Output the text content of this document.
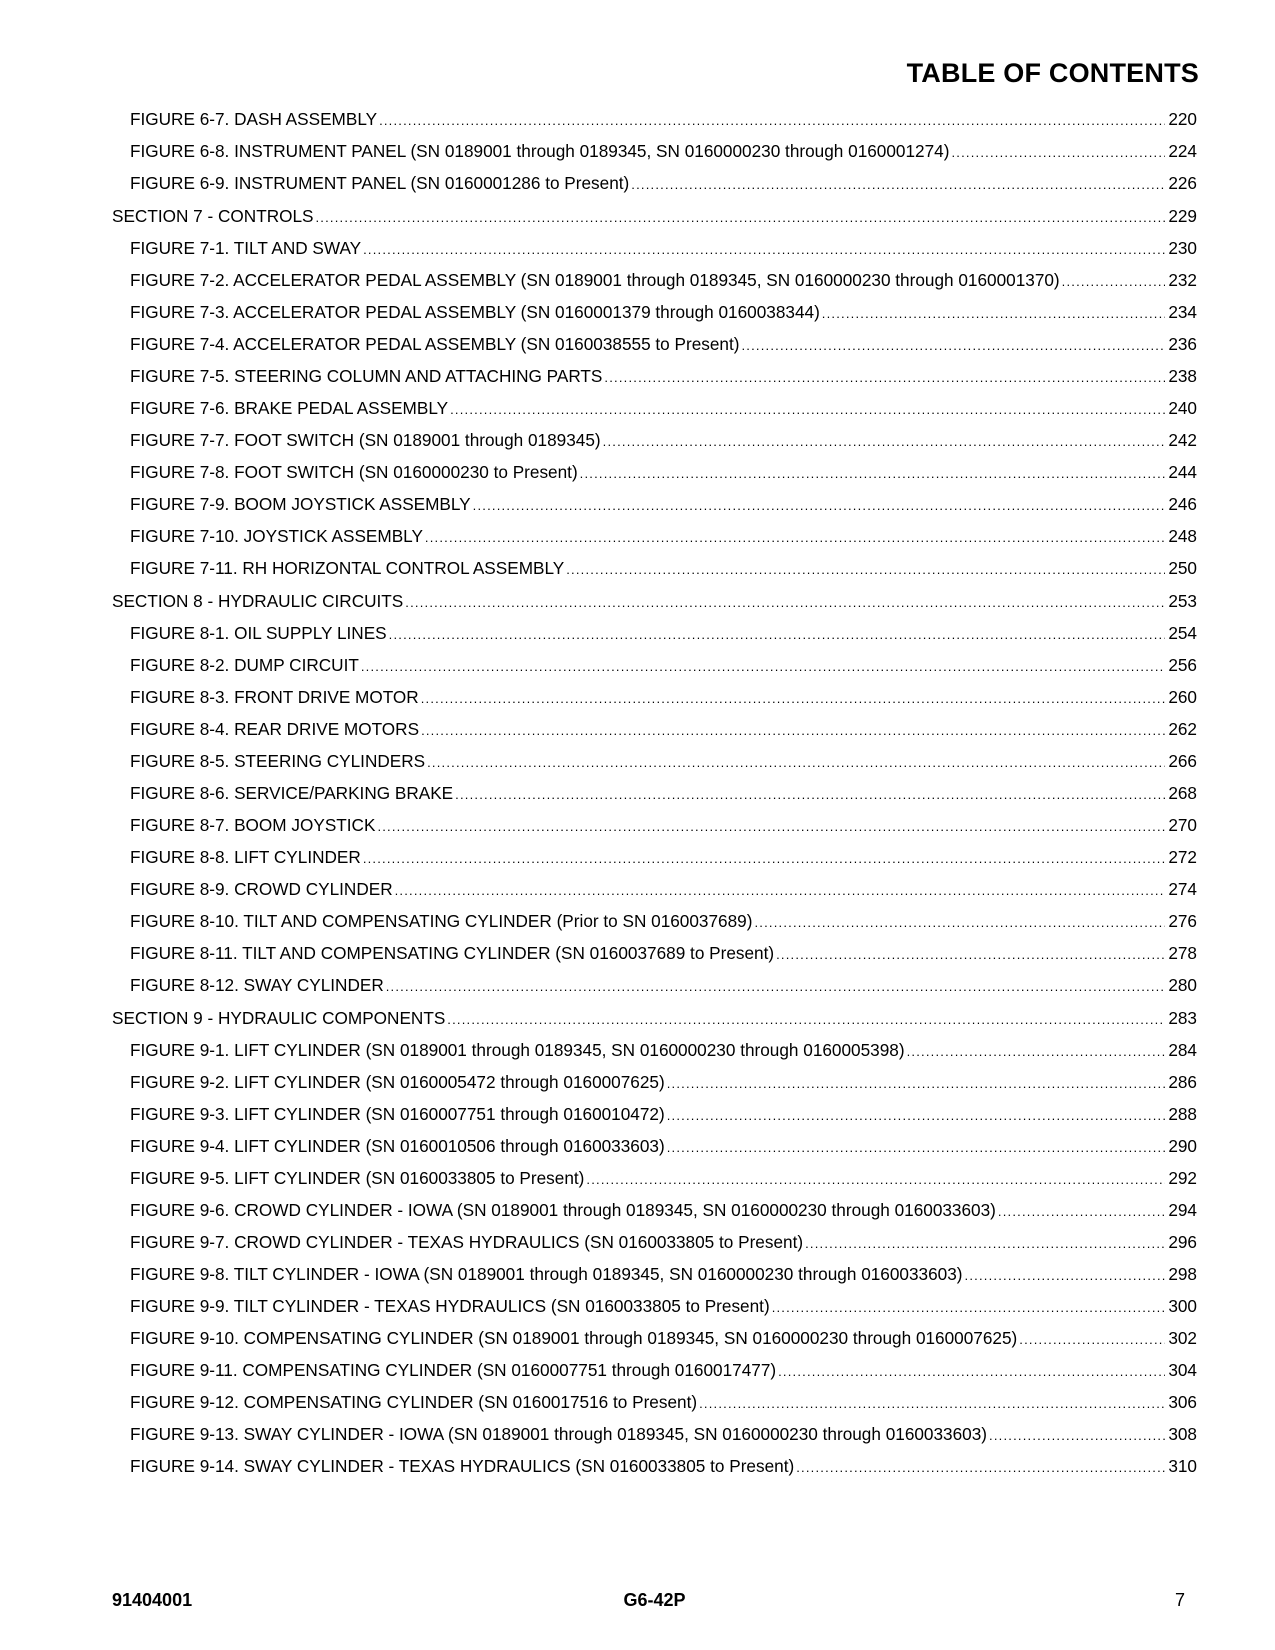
TABLE OF CONTENTS
FIGURE 6-7. DASH ASSEMBLY .....	220
FIGURE 6-8. INSTRUMENT PANEL (SN 0189001 through 0189345, SN 0160000230 through 0160001274) .....	224
FIGURE 6-9. INSTRUMENT PANEL (SN 0160001286 to Present) .....	226
SECTION 7 - CONTROLS .....	229
FIGURE 7-1. TILT AND SWAY .....	230
FIGURE 7-2. ACCELERATOR PEDAL ASSEMBLY (SN 0189001 through 0189345, SN 0160000230 through 0160001370) .....	232
FIGURE 7-3. ACCELERATOR PEDAL ASSEMBLY (SN 0160001379 through 0160038344) .....	234
FIGURE 7-4. ACCELERATOR PEDAL ASSEMBLY (SN 0160038555 to Present) .....	236
FIGURE 7-5. STEERING COLUMN AND ATTACHING PARTS .....	238
FIGURE 7-6. BRAKE PEDAL ASSEMBLY .....	240
FIGURE 7-7. FOOT SWITCH (SN 0189001 through 0189345) .....	242
FIGURE 7-8. FOOT SWITCH (SN 0160000230 to Present) .....	244
FIGURE 7-9. BOOM JOYSTICK ASSEMBLY .....	246
FIGURE 7-10. JOYSTICK ASSEMBLY .....	248
FIGURE 7-11. RH HORIZONTAL CONTROL ASSEMBLY .....	250
SECTION 8 - HYDRAULIC CIRCUITS .....	253
FIGURE 8-1. OIL SUPPLY LINES .....	254
FIGURE 8-2. DUMP CIRCUIT .....	256
FIGURE 8-3. FRONT DRIVE MOTOR .....	260
FIGURE 8-4. REAR DRIVE MOTORS .....	262
FIGURE 8-5. STEERING CYLINDERS .....	266
FIGURE 8-6. SERVICE/PARKING BRAKE .....	268
FIGURE 8-7. BOOM JOYSTICK .....	270
FIGURE 8-8. LIFT CYLINDER .....	272
FIGURE 8-9. CROWD CYLINDER .....	274
FIGURE 8-10. TILT AND COMPENSATING CYLINDER (Prior to SN 0160037689) .....	276
FIGURE 8-11. TILT AND COMPENSATING CYLINDER (SN 0160037689 to Present) .....	278
FIGURE 8-12. SWAY CYLINDER .....	280
SECTION 9 - HYDRAULIC COMPONENTS .....	283
FIGURE 9-1. LIFT CYLINDER (SN 0189001 through 0189345, SN 0160000230 through 0160005398) .....	284
FIGURE 9-2. LIFT CYLINDER (SN 0160005472 through 0160007625) .....	286
FIGURE 9-3. LIFT CYLINDER (SN 0160007751 through 0160010472) .....	288
FIGURE 9-4. LIFT CYLINDER (SN 0160010506 through 0160033603) .....	290
FIGURE 9-5. LIFT CYLINDER (SN 0160033805 to Present) .....	292
FIGURE 9-6. CROWD CYLINDER - IOWA (SN 0189001 through 0189345, SN 0160000230 through 0160033603) .....	294
FIGURE 9-7. CROWD CYLINDER - TEXAS HYDRAULICS (SN 0160033805 to Present) .....	296
FIGURE 9-8. TILT CYLINDER - IOWA (SN 0189001 through 0189345, SN 0160000230 through 0160033603) .....	298
FIGURE 9-9. TILT CYLINDER - TEXAS HYDRAULICS (SN 0160033805 to Present) .....	300
FIGURE 9-10. COMPENSATING CYLINDER (SN 0189001 through 0189345, SN 0160000230 through 0160007625) .....	302
FIGURE 9-11. COMPENSATING CYLINDER (SN 0160007751 through 0160017477) .....	304
FIGURE 9-12. COMPENSATING CYLINDER (SN 0160017516 to Present) .....	306
FIGURE 9-13. SWAY CYLINDER - IOWA (SN 0189001 through 0189345, SN 0160000230 through 0160033603) .....	308
FIGURE 9-14. SWAY CYLINDER - TEXAS HYDRAULICS (SN 0160033805 to Present) .....	310
91404001	G6-42P	7
